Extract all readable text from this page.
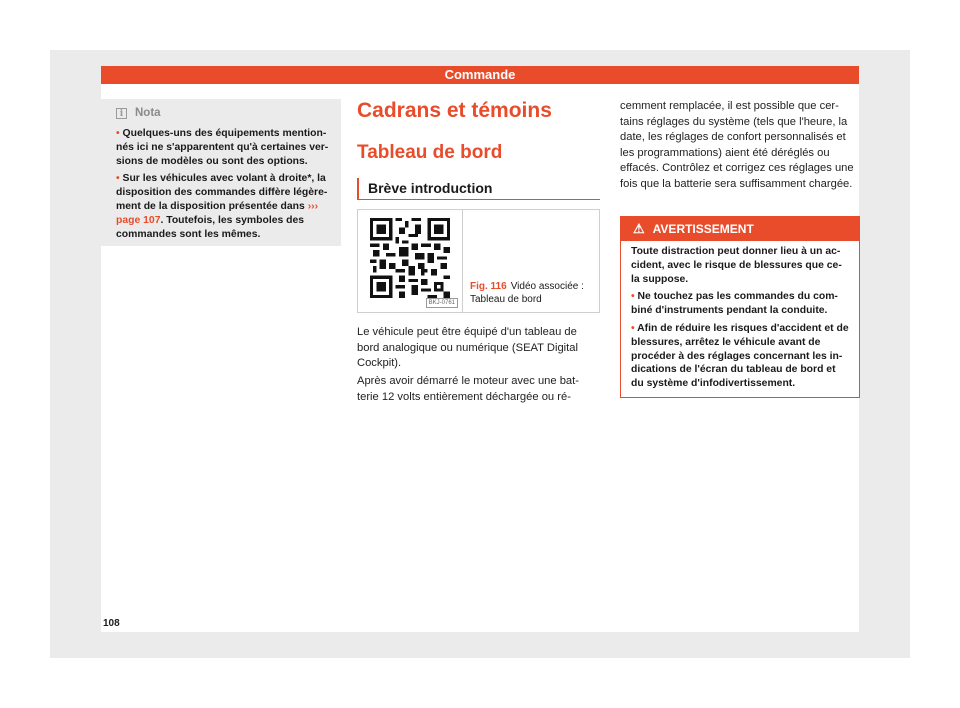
Commande
i	Nota

• Quelques-uns des équipements mention-nés ici ne s'apparentent qu'à certaines ver-sions de modèles ou sont des options.

• Sur les véhicules avec volant à droite*, la disposition des commandes diffère légère-ment de la disposition présentée dans ››› page 107. Toutefois, les symboles des commandes sont les mêmes.

Cadrans et témoins
Tableau de bord
Brève introduction
BKJ-0761
Fig. 116 Vidéo associée : Tableau de bord
Le véhicule peut être équipé d'un tableau de bord analogique ou numérique (SEAT Digital Cockpit).
Après avoir démarré le moteur avec une bat-terie 12 volts entièrement déchargée ou ré-
cemment remplacée, il est possible que cer-tains réglages du système (tels que l'heure, la date, les réglages de confort personnalisés et les programmations) aient été déréglés ou effacés. Contrôlez et corrigez ces réglages une fois que la batterie sera suffisamment chargée.
⚠ AVERTISSEMENT

Toute distraction peut donner lieu à un ac-cident, avec le risque de blessures que ce-la suppose.

• Ne touchez pas les commandes du com-biné d'instruments pendant la conduite.

• Afin de réduire les risques d'accident et de blessures, arrêtez le véhicule avant de procéder à des réglages concernant les in-dications de l'écran du tableau de bord et du système d'infodivertissement.

108
